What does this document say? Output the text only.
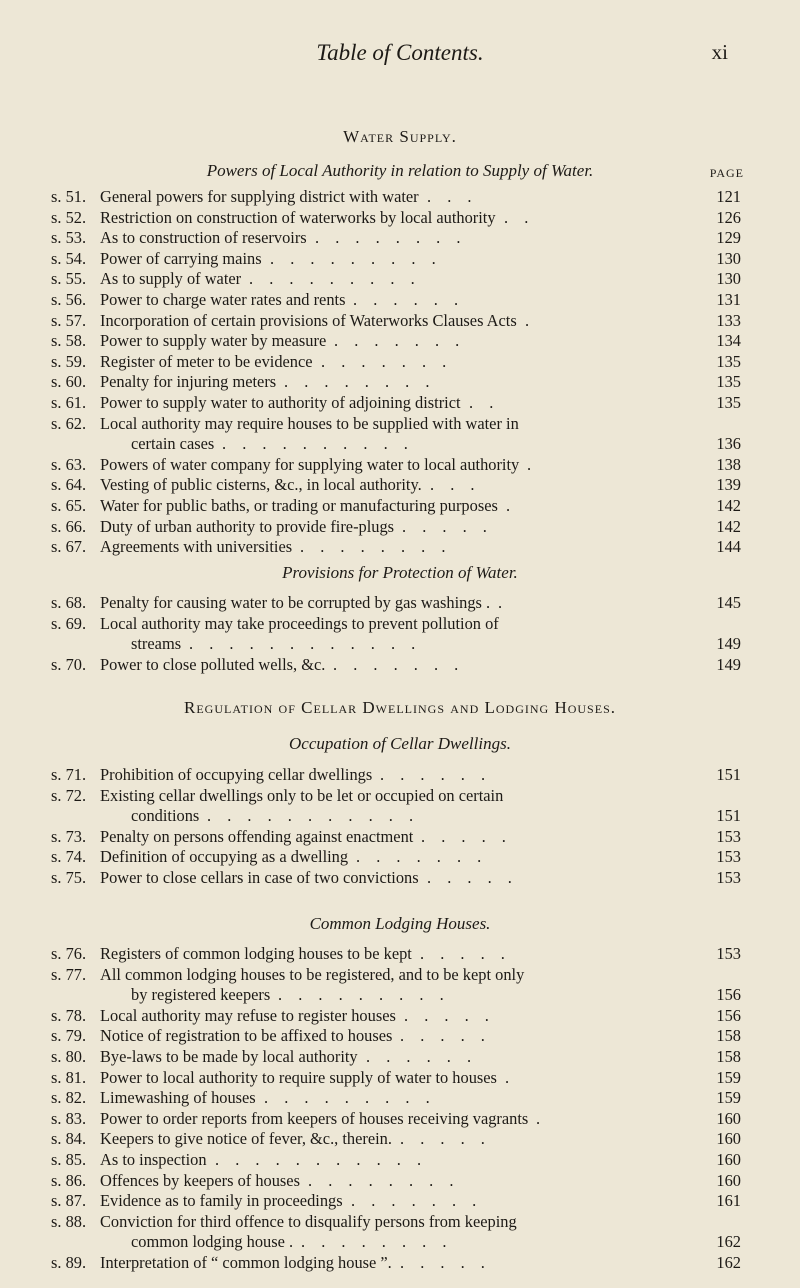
Table of Contents.	xi
PAGE
Water Supply.
Powers of Local Authority in relation to Supply of Water.
s. 51. General powers for supplying district with water . . .	121
s. 52. Restriction on construction of waterworks by local authority . .	126
s. 53. As to construction of reservoirs . . . . . . . .	129
s. 54. Power of carrying mains . . . . . . . . .	130
s. 55. As to supply of water . . . . . . . . .	130
s. 56. Power to charge water rates and rents . . . . . .	131
s. 57. Incorporation of certain provisions of Waterworks Clauses Acts .	133
s. 58. Power to supply water by measure . . . . . . .	134
s. 59. Register of meter to be evidence . . . . . . .	135
s. 60. Penalty for injuring meters . . . . . . . .	135
s. 61. Power to supply water to authority of adjoining district . .	135
s. 62. Local authority may require houses to be supplied with water in
certain cases . . . . . . . . . .	136
s. 63. Powers of water company for supplying water to local authority .	138
s. 64. Vesting of public cisterns, &c., in local authority. . . .	139
s. 65. Water for public baths, or trading or manufacturing purposes .	142
s. 66. Duty of urban authority to provide fire-plugs . . . . .	142
s. 67. Agreements with universities . . . . . . . .	144
Provisions for Protection of Water.
s. 68. Penalty for causing water to be corrupted by gas washings . .	145
s. 69. Local authority may take proceedings to prevent pollution of
streams . . . . . . . . . . . .	149
s. 70. Power to close polluted wells, &c. . . . . . . .	149
Regulation of Cellar Dwellings and Lodging Houses.
Occupation of Cellar Dwellings.
s. 71. Prohibition of occupying cellar dwellings . . . . . .	151
s. 72. Existing cellar dwellings only to be let or occupied on certain
conditions . . . . . . . . . . .	151
s. 73. Penalty on persons offending against enactment . . . . .	153
s. 74. Definition of occupying as a dwelling . . . . . . .	153
s. 75. Power to close cellars in case of two convictions . . . . .	153
Common Lodging Houses.
s. 76. Registers of common lodging houses to be kept . . . . .	153
s. 77. All common lodging houses to be registered, and to be kept only
by registered keepers . . . . . . . . .	156
s. 78. Local authority may refuse to register houses . . . . .	156
s. 79. Notice of registration to be affixed to houses . . . . .	158
s. 80. Bye-laws to be made by local authority . . . . . .	158
s. 81. Power to local authority to require supply of water to houses .	159
s. 82. Limewashing of houses . . . . . . . . .	159
s. 83. Power to order reports from keepers of houses receiving vagrants .	160
s. 84. Keepers to give notice of fever, &c., therein. . . . . .	160
s. 85. As to inspection . . . . . . . . . . .	160
s. 86. Offences by keepers of houses . . . . . . . .	160
s. 87. Evidence as to family in proceedings . . . . . . .	161
s. 88. Conviction for third offence to disqualify persons from keeping
common lodging house . . . . . . . . .	162
s. 89. Interpretation of “ common lodging house ”. . . . . .	162
